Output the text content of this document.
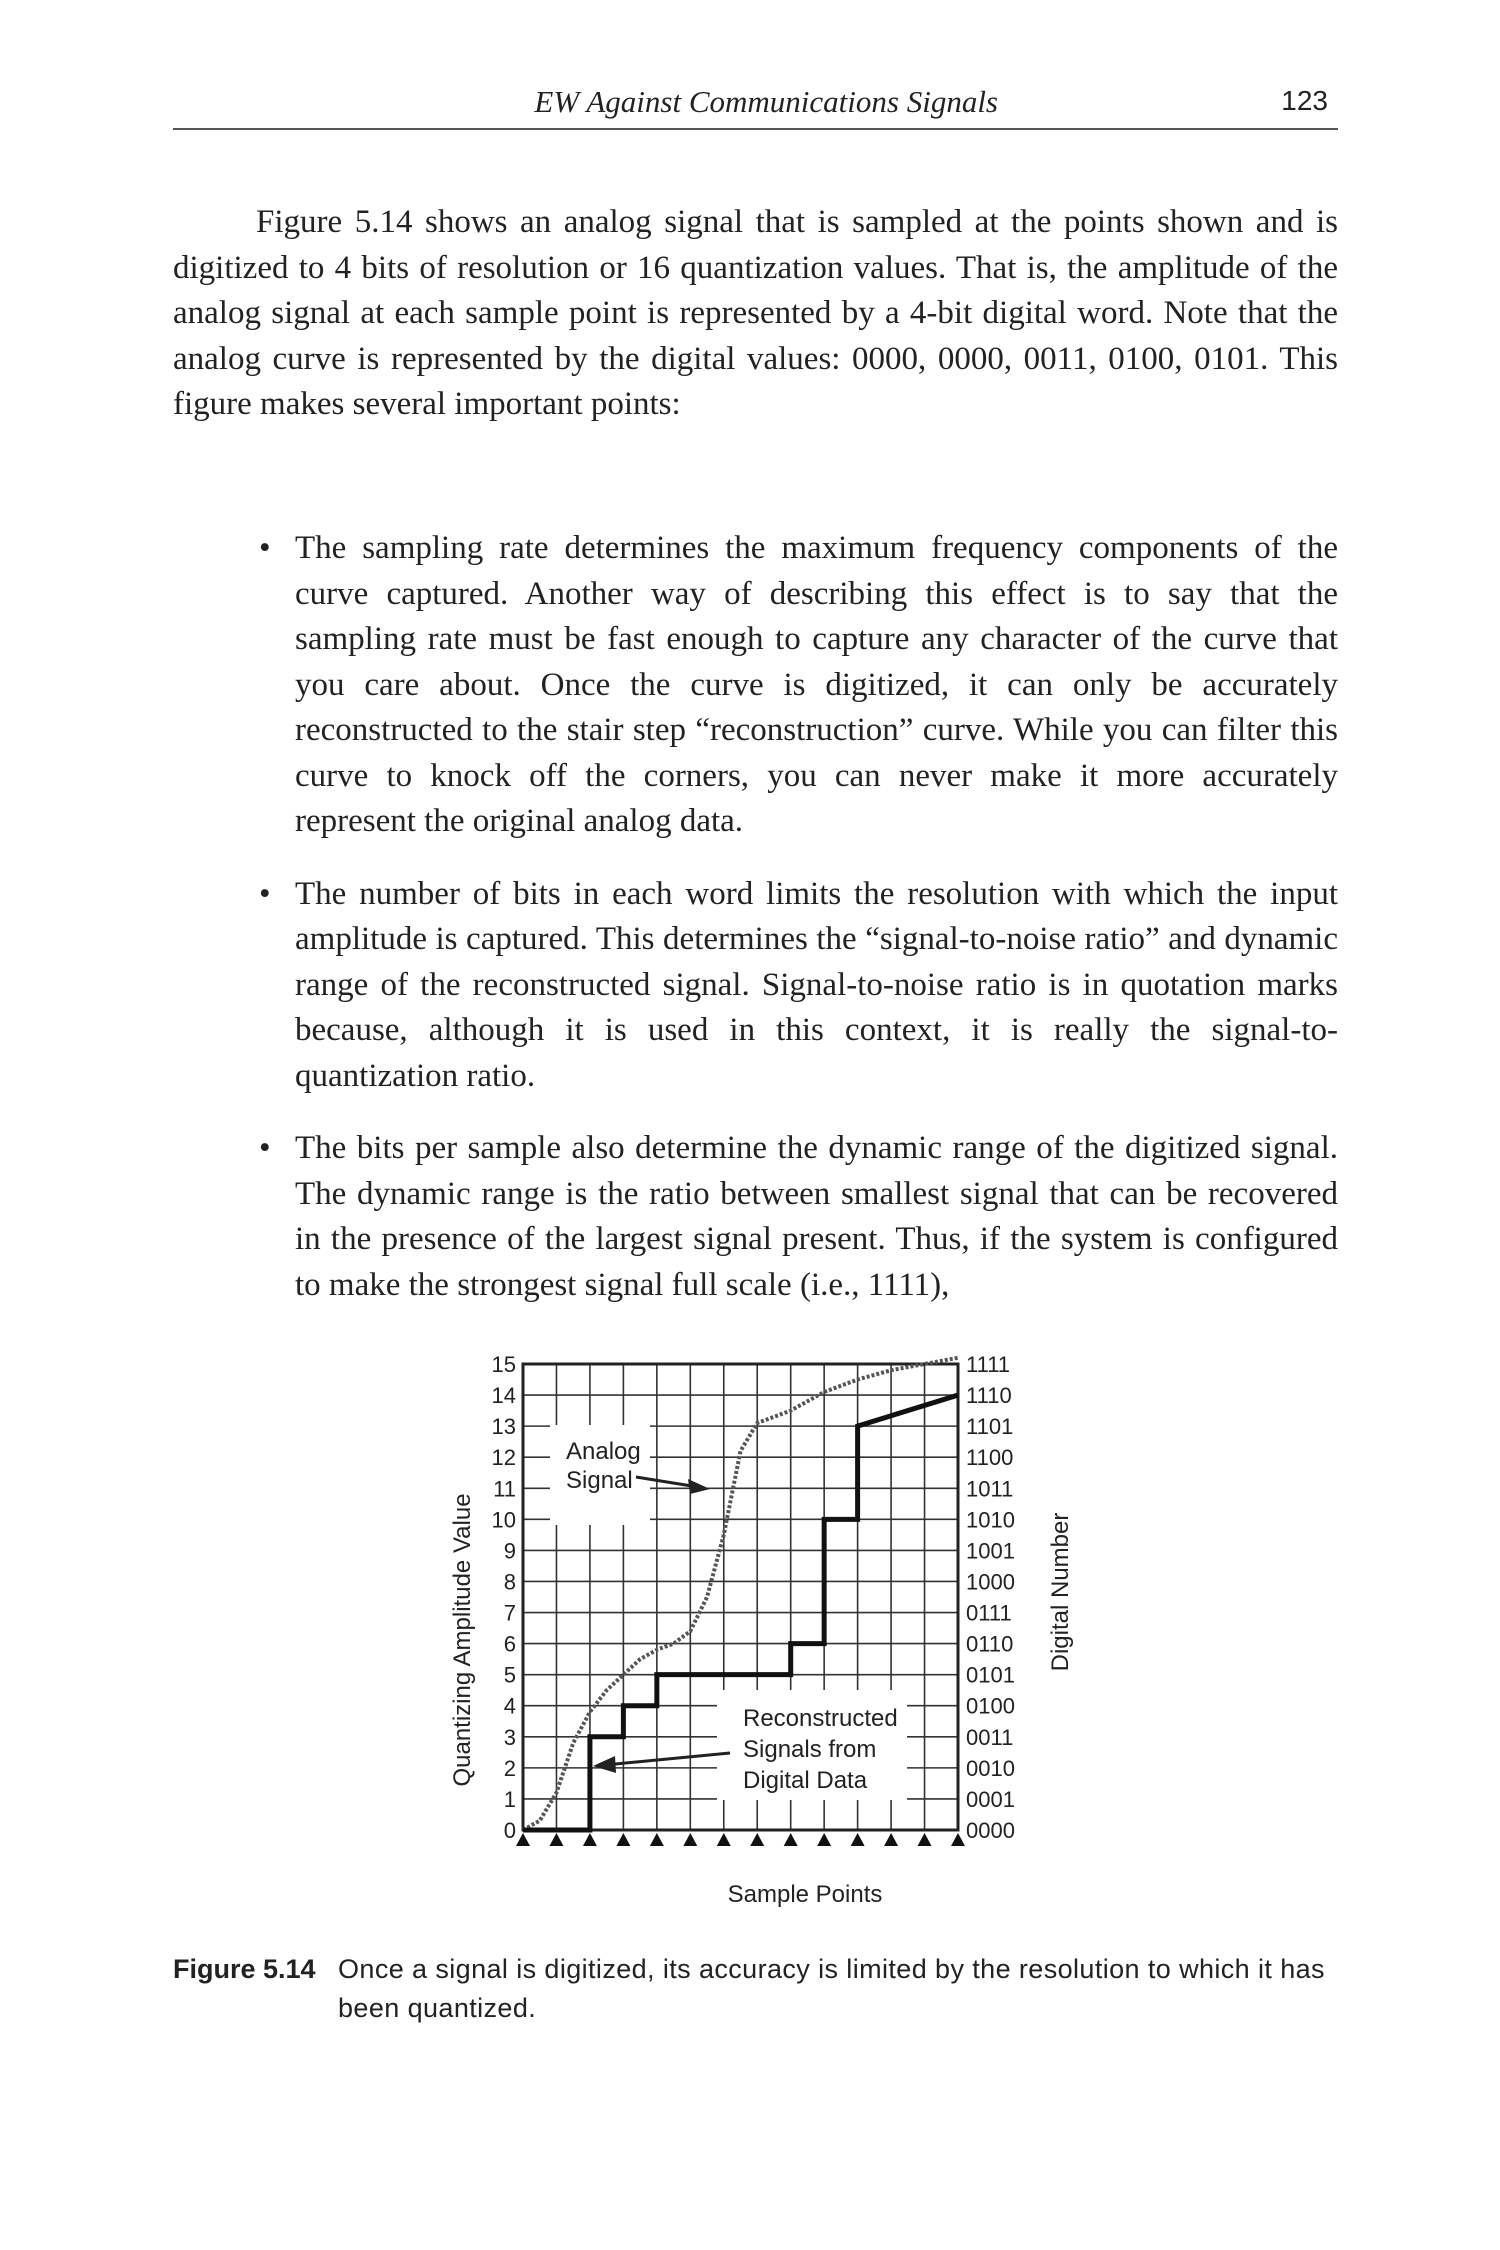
EW Against Communications Signals	123

Figure 5.14 shows an analog signal that is sampled at the points shown and is digitized to 4 bits of resolution or 16 quantization values. That is, the amplitude of the analog signal at each sample point is represented by a 4-bit digital word. Note that the analog curve is represented by the digital values: 0000, 0000, 0011, 0100, 0101. This figure makes several important points:

• The sampling rate determines the maximum frequency components of the curve captured. Another way of describing this effect is to say that the sampling rate must be fast enough to capture any character of the curve that you care about. Once the curve is digitized, it can only be accurately reconstructed to the stair step “reconstruction” curve. While you can filter this curve to knock off the corners, you can never make it more accurately represent the original analog data.
• The number of bits in each word limits the resolution with which the input amplitude is captured. This determines the “signal-to-noise ratio” and dynamic range of the reconstructed signal. Signal-to-noise ratio is in quotation marks because, although it is used in this context, it is really the signal-to-quantization ratio.
• The bits per sample also determine the dynamic range of the digitized signal. The dynamic range is the ratio between smallest signal that can be recovered in the presence of the largest signal present. Thus, if the system is configured to make the strongest signal full scale (i.e., 1111),
0
1
2
3
4
5
6
7
8
9
10
11
12
13
14
15
0000
0001
0010
0011
0100
0101
0110
0111
1000
1001
1010
1011
1100
1101
1110
1111
Analog
Signal
Reconstructed
Signals from
Digital Data
Sample Points
Quantizing Amplitude Value	Digital Number
Figure 5.14 Once a signal is digitized, its accuracy is limited by the resolution to which it has been quantized.
